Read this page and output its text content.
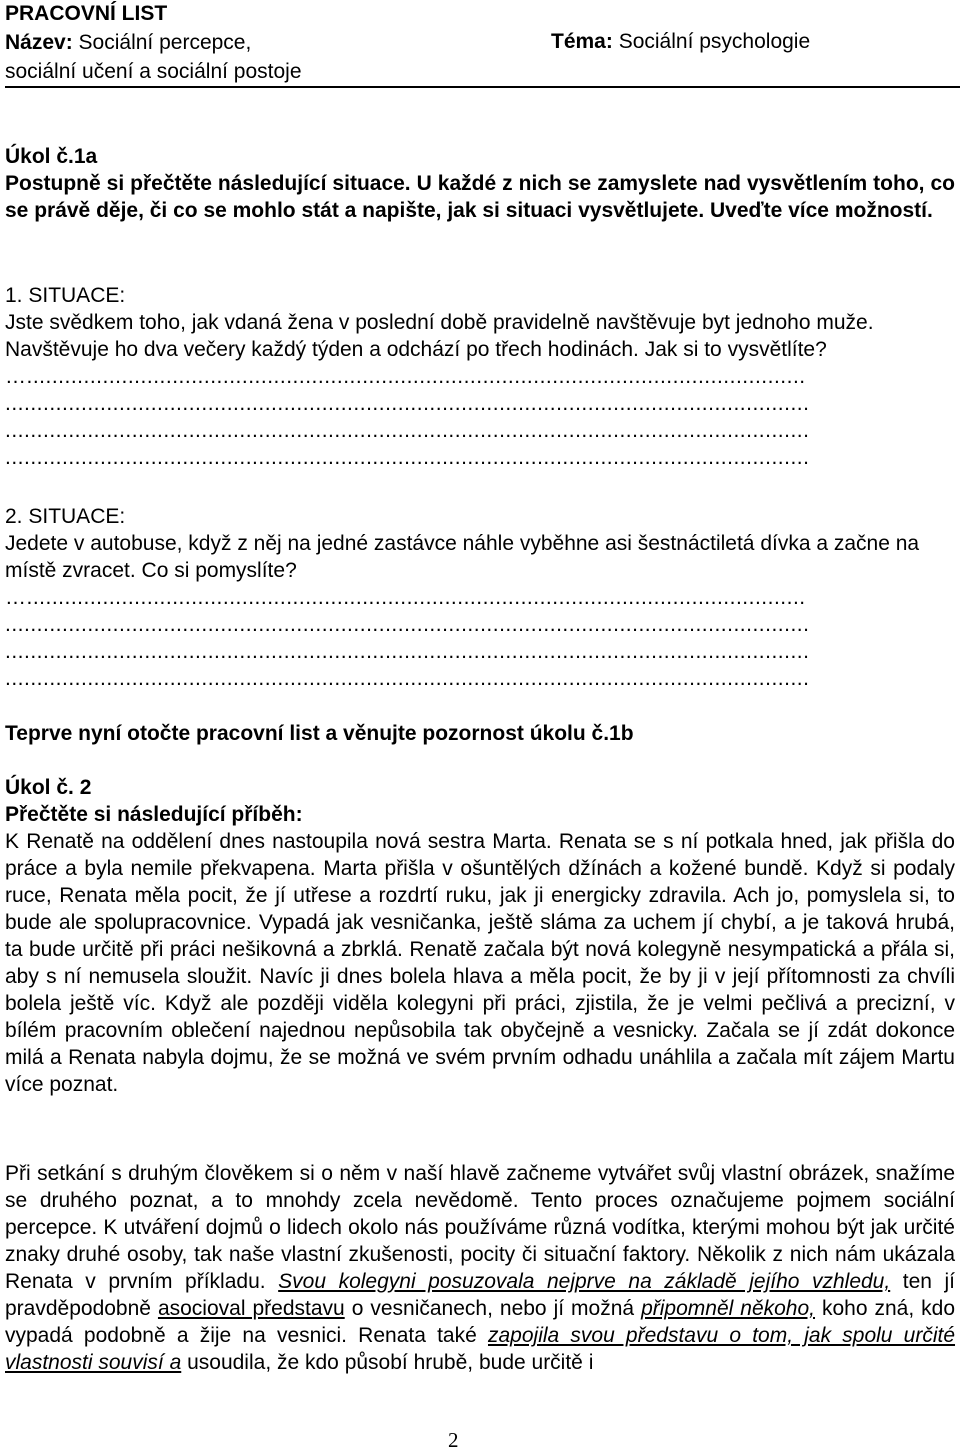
PRACOVNÍ LIST
Název: Sociální percepce,
sociální učení a sociální postoje
Téma: Sociální psychologie
Úkol č.1a
Postupně si přečtěte následující situace. U každé z nich se zamyslete nad vysvětlením toho, co se právě děje, či co se mohlo stát a napište, jak si situaci vysvětlujete. Uveďte více možností.
1. SITUACE:
Jste svědkem toho, jak vdaná žena v poslední době pravidelně navštěvuje byt jednoho muže. Navštěvuje ho dva večery každý týden a odchází po třech hodinách. Jak si to vysvětlíte?
…...........................................................................................................................
...............................................................................................................................
...............................................................................................................................
...............................................................................................................................
2. SITUACE:
Jedete v autobuse, když z něj na jedné zastávce náhle vyběhne asi šestnáctiletá dívka a začne na místě zvracet. Co si pomyslíte?
…...........................................................................................................................
...............................................................................................................................
...............................................................................................................................
...............................................................................................................................
Teprve nyní otočte pracovní list a věnujte pozornost úkolu č.1b
Úkol č. 2
Přečtěte si následující příběh:
K Renatě na oddělení dnes nastoupila nová sestra Marta. Renata se s ní potkala hned, jak přišla do práce a byla nemile překvapena. Marta přišla v ošuntělých džínách a kožené bundě. Když si podaly ruce, Renata měla pocit, že jí utřese a rozdrtí ruku, jak ji energicky zdravila. Ach jo, pomyslela si, to bude ale spolupracovnice. Vypadá jak vesničanka, ještě sláma za uchem jí chybí, a je taková hrubá, ta bude určitě při práci nešikovná a zbrklá. Renatě začala být nová kolegyně nesympatická a přála si, aby s ní nemusela sloužit. Navíc ji dnes bolela hlava a měla pocit, že by ji v její přítomnosti za chvíli bolela ještě víc. Když ale později viděla kolegyni při práci, zjistila, že je velmi pečlivá a precizní, v bílém pracovním oblečení najednou nepůsobila tak obyčejně a vesnicky. Začala se jí zdát dokonce milá a Renata nabyla dojmu, že se možná ve svém prvním odhadu unáhlila a začala mít zájem Martu více poznat.
Při setkání s druhým člověkem si o něm v naší hlavě začneme vytvářet svůj vlastní obrázek, snažíme se druhého poznat, a to mnohdy zcela nevědomě. Tento proces označujeme pojmem sociální percepce. K utváření dojmů o lidech okolo nás používáme různá vodítka, kterými mohou být jak určité znaky druhé osoby, tak naše vlastní zkušenosti, pocity či situační faktory. Několik z nich nám ukázala Renata v prvním příkladu. Svou kolegyni posuzovala nejprve na základě jejího vzhledu, ten jí pravděpodobně asocioval představu o vesničanech, nebo jí možná připomněl někoho, koho zná, kdo vypadá podobně a žije na vesnici. Renata také zapojila svou představu o tom, jak spolu určité vlastnosti souvisí a usoudila, že kdo působí hrubě, bude určitě i
2
